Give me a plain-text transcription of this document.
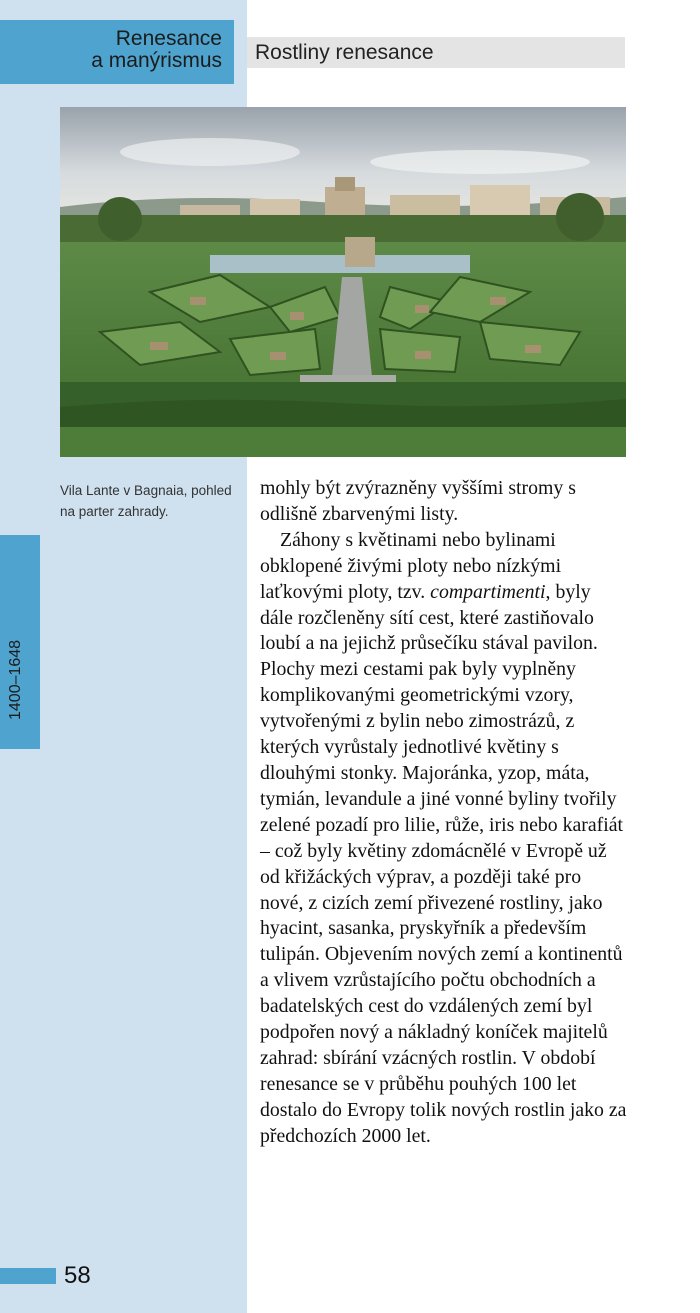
Renesance
a manýrismus Rostliny renesance
Vila Lante v Bagnaia, pohled na parter zahrady.

mohly být zvýrazněny vyššími stromy s odlišně zbarvenými listy.

Záhony s květinami nebo bylinami obklopené živými ploty nebo nízkými laťkovými ploty, tzv. compartimenti, byly dále rozčleněny sítí cest, které zastiňovalo loubí a na jejichž průsečíku stával pavilon. Plochy mezi cestami pak byly vyplněny komplikovanými geometrickými vzory, vytvořenými z bylin nebo zimostrázů, z kterých vyrůstaly jednotlivé květiny s dlouhými stonky. Majoránka, yzop, máta, tymián, levandule a jiné vonné byliny tvořily zelené pozadí pro lilie, růže, iris nebo karafiát – což byly květiny zdomácnělé v Evropě už od křižáckých výprav, a později také pro nové, z cizích zemí přivezené rostliny, jako hyacint, sasanka, pryskyřník a především tulipán. Objevením nových zemí a kontinentů a vlivem vzrůstajícího počtu obchodních a badatelských cest do vzdálených zemí byl podpořen nový a nákladný koníček majitelů zahrad: sbírání vzácných rostlin. V období renesance se v průběhu pouhých 100 let dostalo do Evropy tolik nových rostlin jako za předchozích 2000 let.

1400–1648
58
